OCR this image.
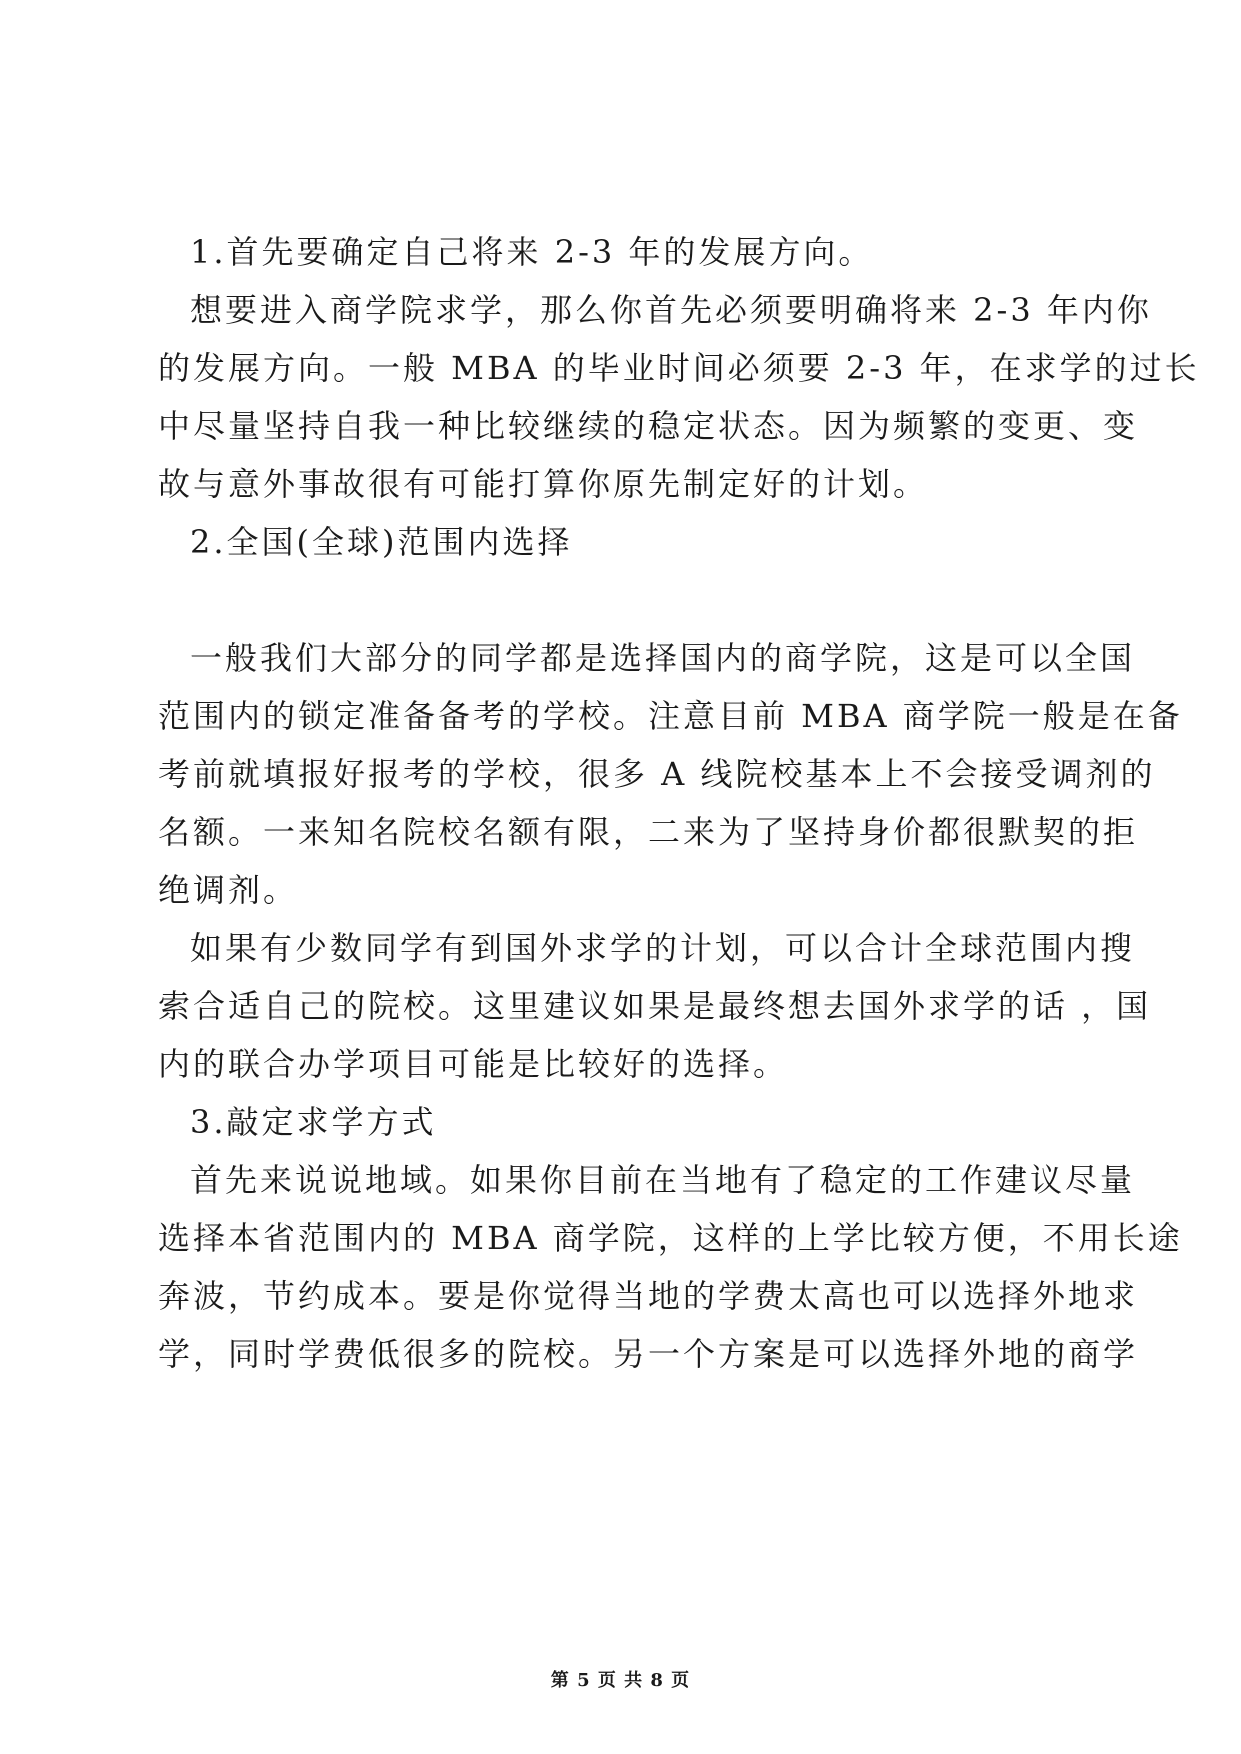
1.首先要确定自己将来 2-3 年的发展方向。
想要进入商学院求学，那么你首先必须要明确将来 2-3 年内你
的发展方向。一般 MBA 的毕业时间必须要 2-3 年，在求学的过长
中尽量坚持自我一种比较继续的稳定状态。因为频繁的变更、变
故与意外事故很有可能打算你原先制定好的计划。
2.全国(全球)范围内选择
一般我们大部分的同学都是选择国内的商学院，这是可以全国
范围内的锁定准备备考的学校。注意目前 MBA 商学院一般是在备
考前就填报好报考的学校，很多 A 线院校基本上不会接受调剂的
名额。一来知名院校名额有限，二来为了坚持身价都很默契的拒
绝调剂。
如果有少数同学有到国外求学的计划，可以合计全球范围内搜
索合适自己的院校。这里建议如果是最终想去国外求学的话 ，国
内的联合办学项目可能是比较好的选择。
3.敲定求学方式
首先来说说地域。如果你目前在当地有了稳定的工作建议尽量
选择本省范围内的 MBA 商学院，这样的上学比较方便，不用长途
奔波，节约成本。要是你觉得当地的学费太高也可以选择外地求
学，同时学费低很多的院校。另一个方案是可以选择外地的商学
第 5 页 共 8 页
